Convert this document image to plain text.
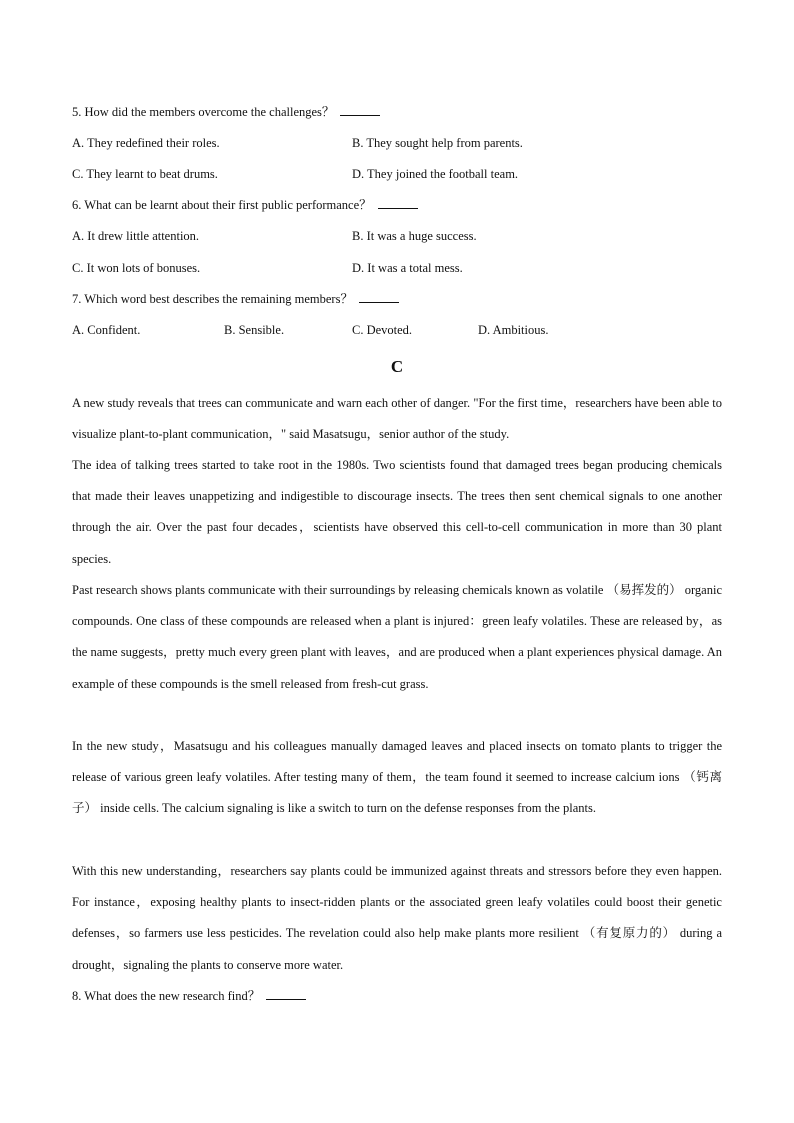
5. How did the members overcome the challenges？
A. They redefined their roles.	B. They sought help from parents.
C. They learnt to beat drums.	D. They joined the football team.
6. What can be learnt about their first public performance？
A. It drew little attention.	B. It was a huge success.
C. It won lots of bonuses.	D. It was a total mess.
7. Which word best describes the remaining members？
A. Confident.	B. Sensible.	C. Devoted.	D. Ambitious.
C
A new study reveals that trees can communicate and warn each other of danger. "For the first time，researchers have been able to visualize plant-to-plant communication，" said Masatsugu，senior author of the study.
The idea of talking trees started to take root in the 1980s. Two scientists found that damaged trees began producing chemicals that made their leaves unappetizing and indigestible to discourage insects. The trees then sent chemical signals to one another through the air. Over the past four decades，scientists have observed this cell-to-cell communication in more than 30 plant species.
Past research shows plants communicate with their surroundings by releasing chemicals known as volatile （易挥发的） organic compounds. One class of these compounds are released when a plant is injured：green leafy volatiles. These are released by，as the name suggests，pretty much every green plant with leaves，and are produced when a plant experiences physical damage. An example of these compounds is the smell released from fresh-cut grass.
In the new study，Masatsugu and his colleagues manually damaged leaves and placed insects on tomato plants to trigger the release of various green leafy volatiles. After testing many of them，the team found it seemed to increase calcium ions （钙离子） inside cells. The calcium signaling is like a switch to turn on the defense responses from the plants.
With this new understanding，researchers say plants could be immunized against threats and stressors before they even happen. For instance，exposing healthy plants to insect-ridden plants or the associated green leafy volatiles could boost their genetic defenses，so farmers use less pesticides. The revelation could also help make plants more resilient （有复原力的） during a drought，signaling the plants to conserve more water.
8. What does the new research find？
